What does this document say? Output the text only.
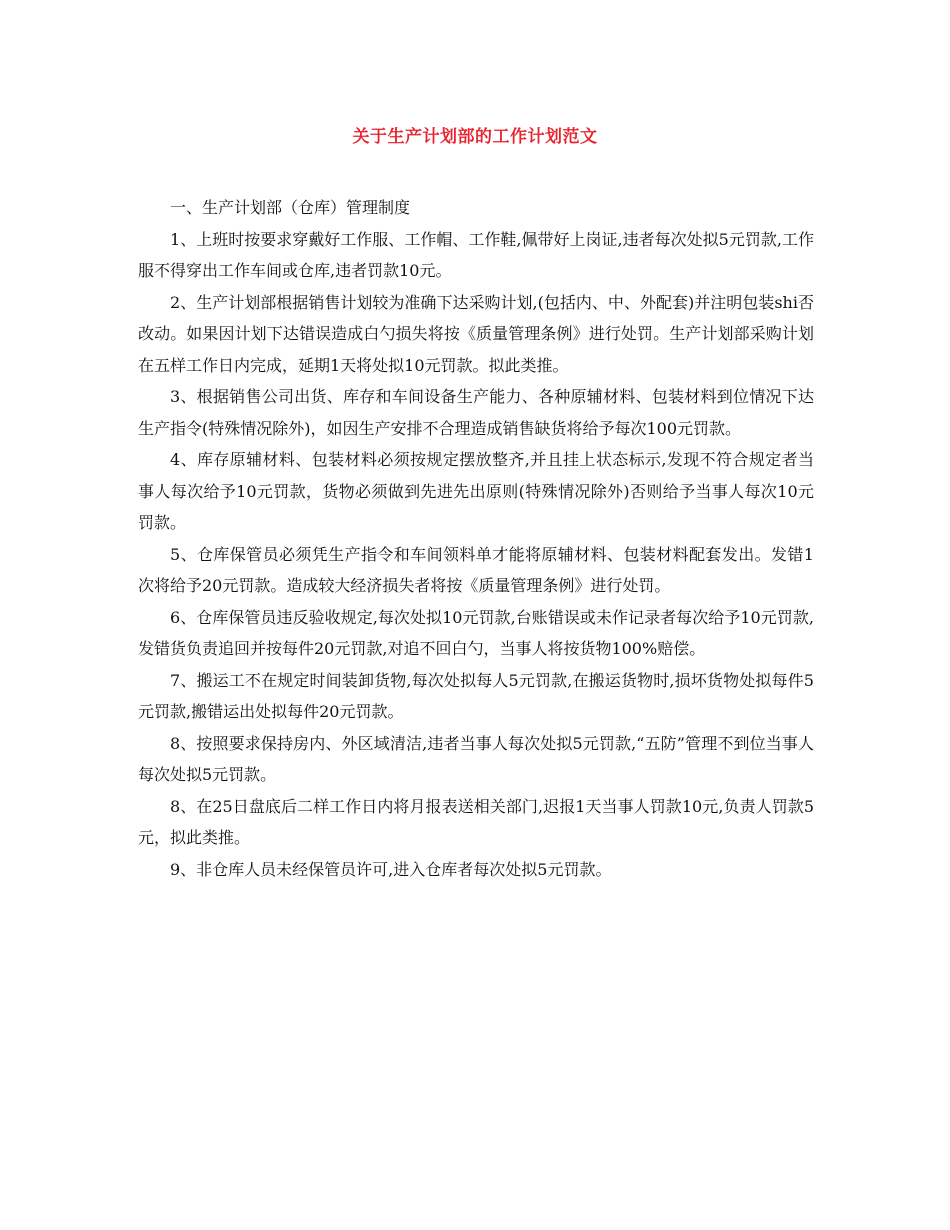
关于生产计划部的工作计划范文

一、生产计划部（仓库）管理制度

1、上班时按要求穿戴好工作服、工作帽、工作鞋,佩带好上岗证,违者每次处拟5元罚款,工作服不得穿出工作车间或仓库,违者罚款10元。

2、生产计划部根据销售计划较为准确下达采购计划,(包括内、中、外配套)并注明包装shi否改动。如果因计划下达错误造成白勺损失将按《质量管理条例》进行处罚。生产计划部采购计划在五样工作日内完成，延期1天将处拟10元罚款。拟此类推。

3、根据销售公司出货、库存和车间设备生产能力、各种原辅材料、包装材料到位情况下达生产指令(特殊情况除外)，如因生产安排不合理造成销售缺货将给予每次100元罚款。

4、库存原辅材料、包装材料必须按规定摆放整齐,并且挂上状态标示,发现不符合规定者当事人每次给予10元罚款，货物必须做到先进先出原则(特殊情况除外)否则给予当事人每次10元罚款。

5、仓库保管员必须凭生产指令和车间领料单才能将原辅材料、包装材料配套发出。发错1次将给予20元罚款。造成较大经济损失者将按《质量管理条例》进行处罚。

6、仓库保管员违反验收规定,每次处拟10元罚款,台账错误或未作记录者每次给予10元罚款,发错货负责追回并按每件20元罚款,对追不回白勺，当事人将按货物100%赔偿。

7、搬运工不在规定时间装卸货物,每次处拟每人5元罚款,在搬运货物时,损坏货物处拟每件5元罚款,搬错运出处拟每件20元罚款。

8、按照要求保持房内、外区域清洁,违者当事人每次处拟5元罚款,“五防”管理不到位当事人每次处拟5元罚款。

8、在25日盘底后二样工作日内将月报表送相关部门,迟报1天当事人罚款10元,负责人罚款5元，拟此类推。

9、非仓库人员未经保管员许可,进入仓库者每次处拟5元罚款。
